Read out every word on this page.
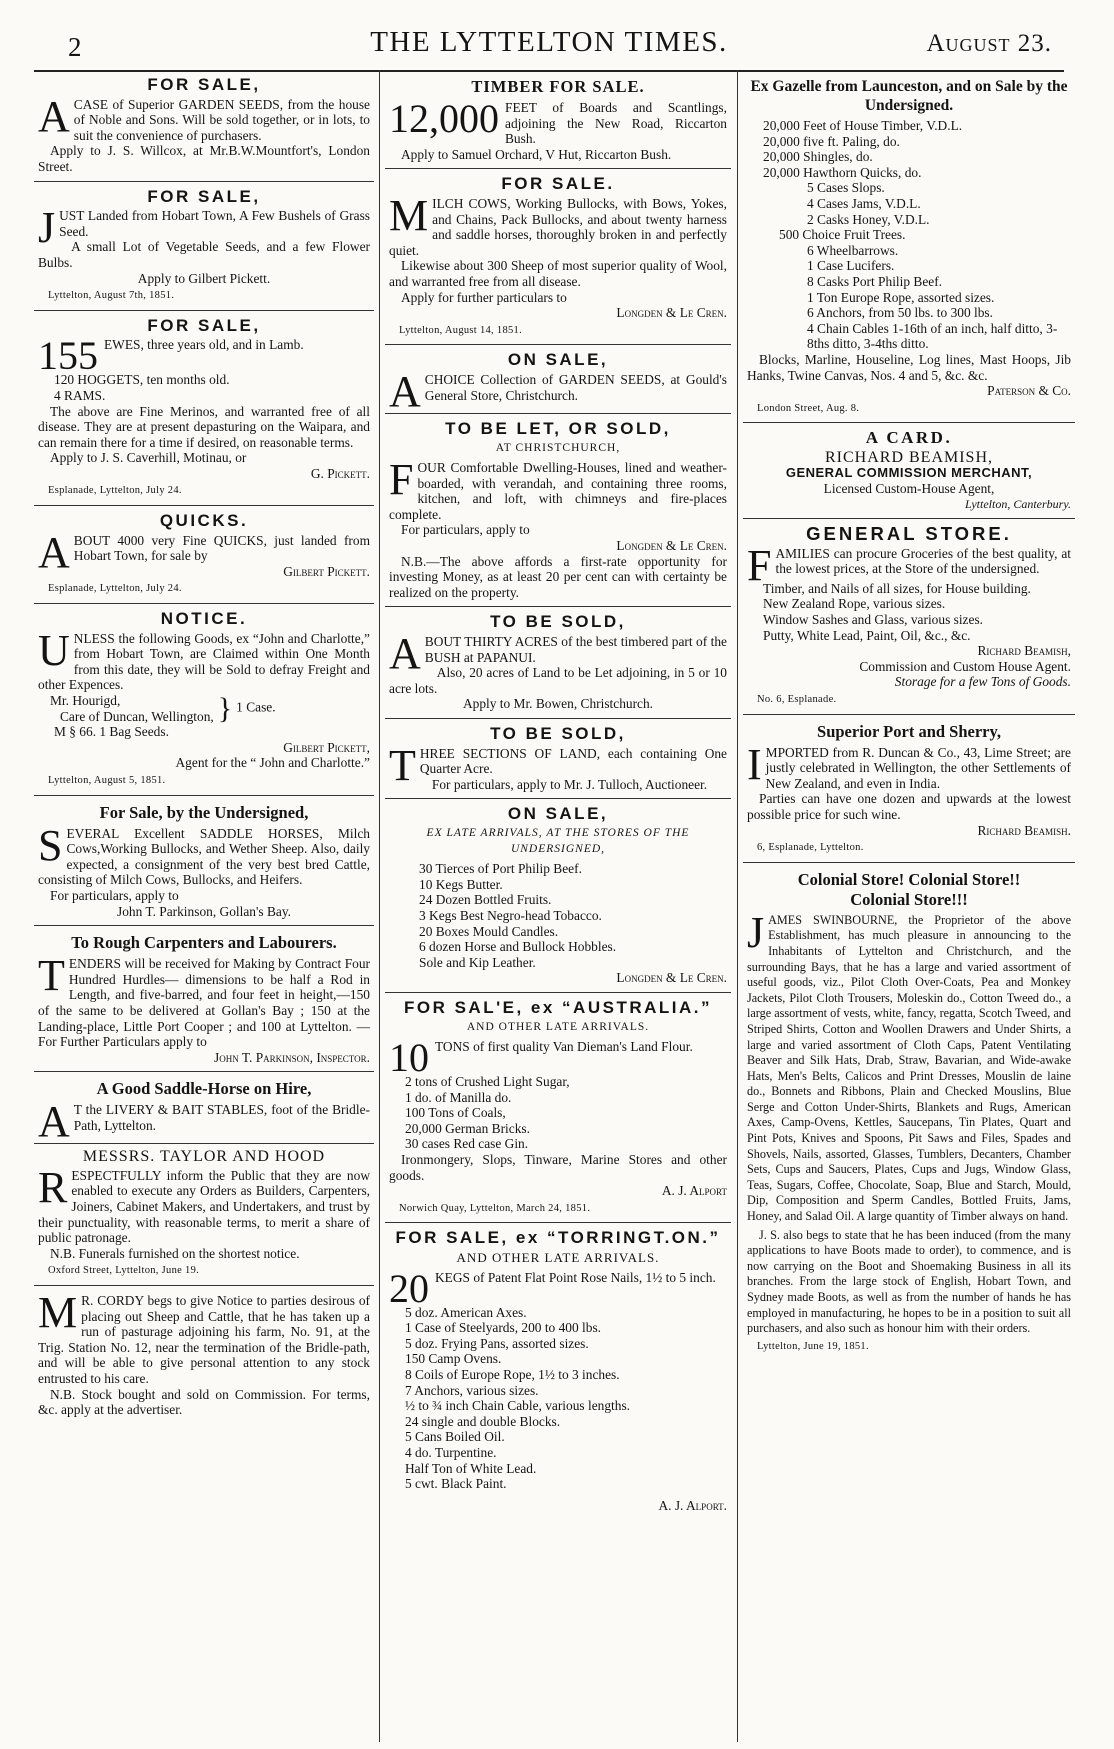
2	THE LYTTELTON TIMES.	August 23.
FOR SALE,

ACASE of Superior GARDEN SEEDS, from the house of Noble and Sons. Will be sold together, or in lots, to suit the convenience of purchasers.

Apply to J. S. Willcox, at Mr.B.W.Mountfort's, London Street.

FOR SALE,

JUST Landed from Hobart Town, A Few Bushels of Grass Seed.

A small Lot of Vegetable Seeds, and a few Flower Bulbs.

Apply to Gilbert Pickett.

Lyttelton, August 7th, 1851.

FOR SALE,

155 EWES, three years old, and in Lamb.

120 HOGGETS, ten months old.

4 RAMS.

The above are Fine Merinos, and warranted free of all disease. They are at present depasturing on the Waipara, and can remain there for a time if desired, on reasonable terms.

Apply to J. S. Caverhill, Motinau, or

G. Pickett.

Esplanade, Lyttelton, July 24.

QUICKS.

ABOUT 4000 very Fine QUICKS, just landed from Hobart Town, for sale by

Gilbert Pickett.

Esplanade, Lyttelton, July 24.

NOTICE.

UNLESS the following Goods, ex “John and Charlotte,” from Hobart Town, are Claimed within One Month from this date, they will be Sold to defray Freight and other Expences.

Mr. Hourigd,
Care of Duncan, Wellington, } 1 Case.

M § 66. 1 Bag Seeds.

Gilbert Pickett,

Agent for the “ John and Charlotte.”

Lyttelton, August 5, 1851.

For Sale, by the Undersigned,

SEVERAL Excellent SADDLE HORSES, Milch Cows,Working Bullocks, and Wether Sheep. Also, daily expected, a consignment of the very best bred Cattle, consisting of Milch Cows, Bullocks, and Heifers.

For particulars, apply to

John T. Parkinson, Gollan's Bay.

To Rough Carpenters and Labourers.

TENDERS will be received for Making by Contract Four Hundred Hurdles— dimensions to be half a Rod in Length, and five-barred, and four feet in height,—150 of the same to be delivered at Gollan's Bay ; 150 at the Landing-place, Little Port Cooper ; and 100 at Lyttelton. — For Further Particulars apply to

John T. Parkinson, Inspector.

A Good Saddle-Horse on Hire,

A T the LIVERY & BAIT STABLES, foot of the Bridle-Path, Lyttelton.

MESSRS. TAYLOR AND HOOD

RESPECTFULLY inform the Public that they are now enabled to execute any Orders as Builders, Carpenters, Joiners, Cabinet Makers, and Undertakers, and trust by their punctuality, with reasonable terms, to merit a share of public patronage.

N.B. Funerals furnished on the shortest notice.

Oxford Street, Lyttelton, June 19.

M R. CORDY begs to give Notice to parties desirous of placing out Sheep and Cattle, that he has taken up a run of pasturage adjoining his farm, No. 91, at the Trig. Station No. 12, near the termination of the Bridle-path, and will be able to give personal attention to any stock entrusted to his care.

N.B. Stock bought and sold on Commission. For terms, &c. apply at the advertiser.

TIMBER FOR SALE.

12,000 FEET of Boards and Scantlings, adjoining the New Road, Riccarton Bush.

Apply to Samuel Orchard, V Hut, Riccarton Bush.

FOR SALE.

MILCH COWS, Working Bullocks, with Bows, Yokes, and Chains, Pack Bullocks, and about twenty harness and saddle horses, thoroughly broken in and perfectly quiet.

Likewise about 300 Sheep of most superior quality of Wool, and warranted free from all disease.

Apply for further particulars to

Longden & Le Cren.

Lyttelton, August 14, 1851.

ON SALE,

ACHOICE Collection of GARDEN SEEDS, at Gould's General Store, Christchurch.

TO BE LET, OR SOLD,
AT CHRISTCHURCH,

FOUR Comfortable Dwelling-Houses, lined and weather-boarded, with verandah, and containing three rooms, kitchen, and loft, with chimneys and fire-places complete.

For particulars, apply to

Longden & Le Cren.

N.B.—The above affords a first-rate opportunity for investing Money, as at least 20 per cent can with certainty be realized on the property.

TO BE SOLD,

ABOUT THIRTY ACRES of the best timbered part of the BUSH at PAPANUI.

Also, 20 acres of Land to be Let adjoining, in 5 or 10 acre lots.

Apply to Mr. Bowen, Christchurch.

TO BE SOLD,

THREE SECTIONS OF LAND, each containing One Quarter Acre.

For particulars, apply to Mr. J. Tulloch, Auctioneer.

ON SALE,
EX LATE ARRIVALS, AT THE STORES OF THE UNDERSIGNED,

30 Tierces of Port Philip Beef.

10 Kegs Butter.

24 Dozen Bottled Fruits.

3 Kegs Best Negro-head Tobacco.

20 Boxes Mould Candles.

6 dozen Horse and Bullock Hobbles.

Sole and Kip Leather.

Longden & Le Cren.

FOR SAL'E, ex “AUSTRALIA.”
AND OTHER LATE ARRIVALS.

10 TONS of first quality Van Dieman's Land Flour.

2 tons of Crushed Light Sugar,

1 do. of Manilla do.

100 Tons of Coals,

20,000 German Bricks.

30 cases Red case Gin.

Ironmongery, Slops, Tinware, Marine Stores and other goods.

A. J. Alport

Norwich Quay, Lyttelton, March 24, 1851.

FOR SALE, ex “TORRINGT.ON.”
AND OTHER LATE ARRIVALS.

20 KEGS of Patent Flat Point Rose Nails, 1½ to 5 inch.

5 doz. American Axes.

1 Case of Steelyards, 200 to 400 lbs.

5 doz. Frying Pans, assorted sizes.

150 Camp Ovens.

8 Coils of Europe Rope, 1½ to 3 inches.

7 Anchors, various sizes.

½ to ¾ inch Chain Cable, various lengths.

24 single and double Blocks.

5 Cans Boiled Oil.

4 do. Turpentine.

Half Ton of White Lead.

5 cwt. Black Paint.

A. J. Alport.

Ex Gazelle from Launceston, and on Sale by the Undersigned.

20,000 Feet of House Timber, V.D.L.

20,000 five ft. Paling, do.

20,000 Shingles, do.

20,000 Hawthorn Quicks, do.

5 Cases Slops.

4 Cases Jams, V.D.L.

2 Casks Honey, V.D.L.

500 Choice Fruit Trees.

6 Wheelbarrows.

1 Case Lucifers.

8 Casks Port Philip Beef.

1 Ton Europe Rope, assorted sizes.

6 Anchors, from 50 lbs. to 300 lbs.

4 Chain Cables 1-16th of an inch, half ditto, 3-8ths ditto, 3-4ths ditto.

Blocks, Marline, Houseline, Log lines, Mast Hoops, Jib Hanks, Twine Canvas, Nos. 4 and 5, &c. &c.

Paterson & Co.

London Street, Aug. 8.

A CARD.

RICHARD BEAMISH,

GENERAL COMMISSION MERCHANT,

Licensed Custom-House Agent,

Lyttelton, Canterbury.

GENERAL STORE.

FAMILIES can procure Groceries of the best quality, at the lowest prices, at the Store of the undersigned.

Timber, and Nails of all sizes, for House building.

New Zealand Rope, various sizes.

Window Sashes and Glass, various sizes.

Putty, White Lead, Paint, Oil, &c., &c.

Richard Beamish,

Commission and Custom House Agent.

Storage for a few Tons of Goods.

No. 6, Esplanade.

Superior Port and Sherry,

IMPORTED from R. Duncan & Co., 43, Lime Street; are justly celebrated in Wellington, the other Settlements of New Zealand, and even in India.

Parties can have one dozen and upwards at the lowest possible price for such wine.

Richard Beamish.

6, Esplanade, Lyttelton.

Colonial Store! Colonial Store!!
Colonial Store!!!

JAMES SWINBOURNE, the Proprietor of the above Establishment, has much pleasure in announcing to the Inhabitants of Lyttelton and Christchurch, and the surrounding Bays, that he has a large and varied assortment of useful goods, viz., Pilot Cloth Over-Coats, Pea and Monkey Jackets, Pilot Cloth Trousers, Moleskin do., Cotton Tweed do., a large assortment of vests, white, fancy, regatta, Scotch Tweed, and Striped Shirts, Cotton and Woollen Drawers and Under Shirts, a large and varied assortment of Cloth Caps, Patent Ventilating Beaver and Silk Hats, Drab, Straw, Bavarian, and Wide-awake Hats, Men's Belts, Calicos and Print Dresses, Mouslin de laine do., Bonnets and Ribbons, Plain and Checked Mouslins, Blue Serge and Cotton Under-Shirts, Blankets and Rugs, American Axes, Camp-Ovens, Kettles, Saucepans, Tin Plates, Quart and Pint Pots, Knives and Spoons, Pit Saws and Files, Spades and Shovels, Nails, assorted, Glasses, Tumblers, Decanters, Chamber Sets, Cups and Saucers, Plates, Cups and Jugs, Window Glass, Teas, Sugars, Coffee, Chocolate, Soap, Blue and Starch, Mould, Dip, Composition and Sperm Candles, Bottled Fruits, Jams, Honey, and Salad Oil. A large quantity of Timber always on hand.

J. S. also begs to state that he has been induced (from the many applications to have Boots made to order), to commence, and is now carrying on the Boot and Shoemaking Business in all its branches. From the large stock of English, Hobart Town, and Sydney made Boots, as well as from the number of hands he has employed in manufacturing, he hopes to be in a position to suit all purchasers, and also such as honour him with their orders.

Lyttelton, June 19, 1851.
